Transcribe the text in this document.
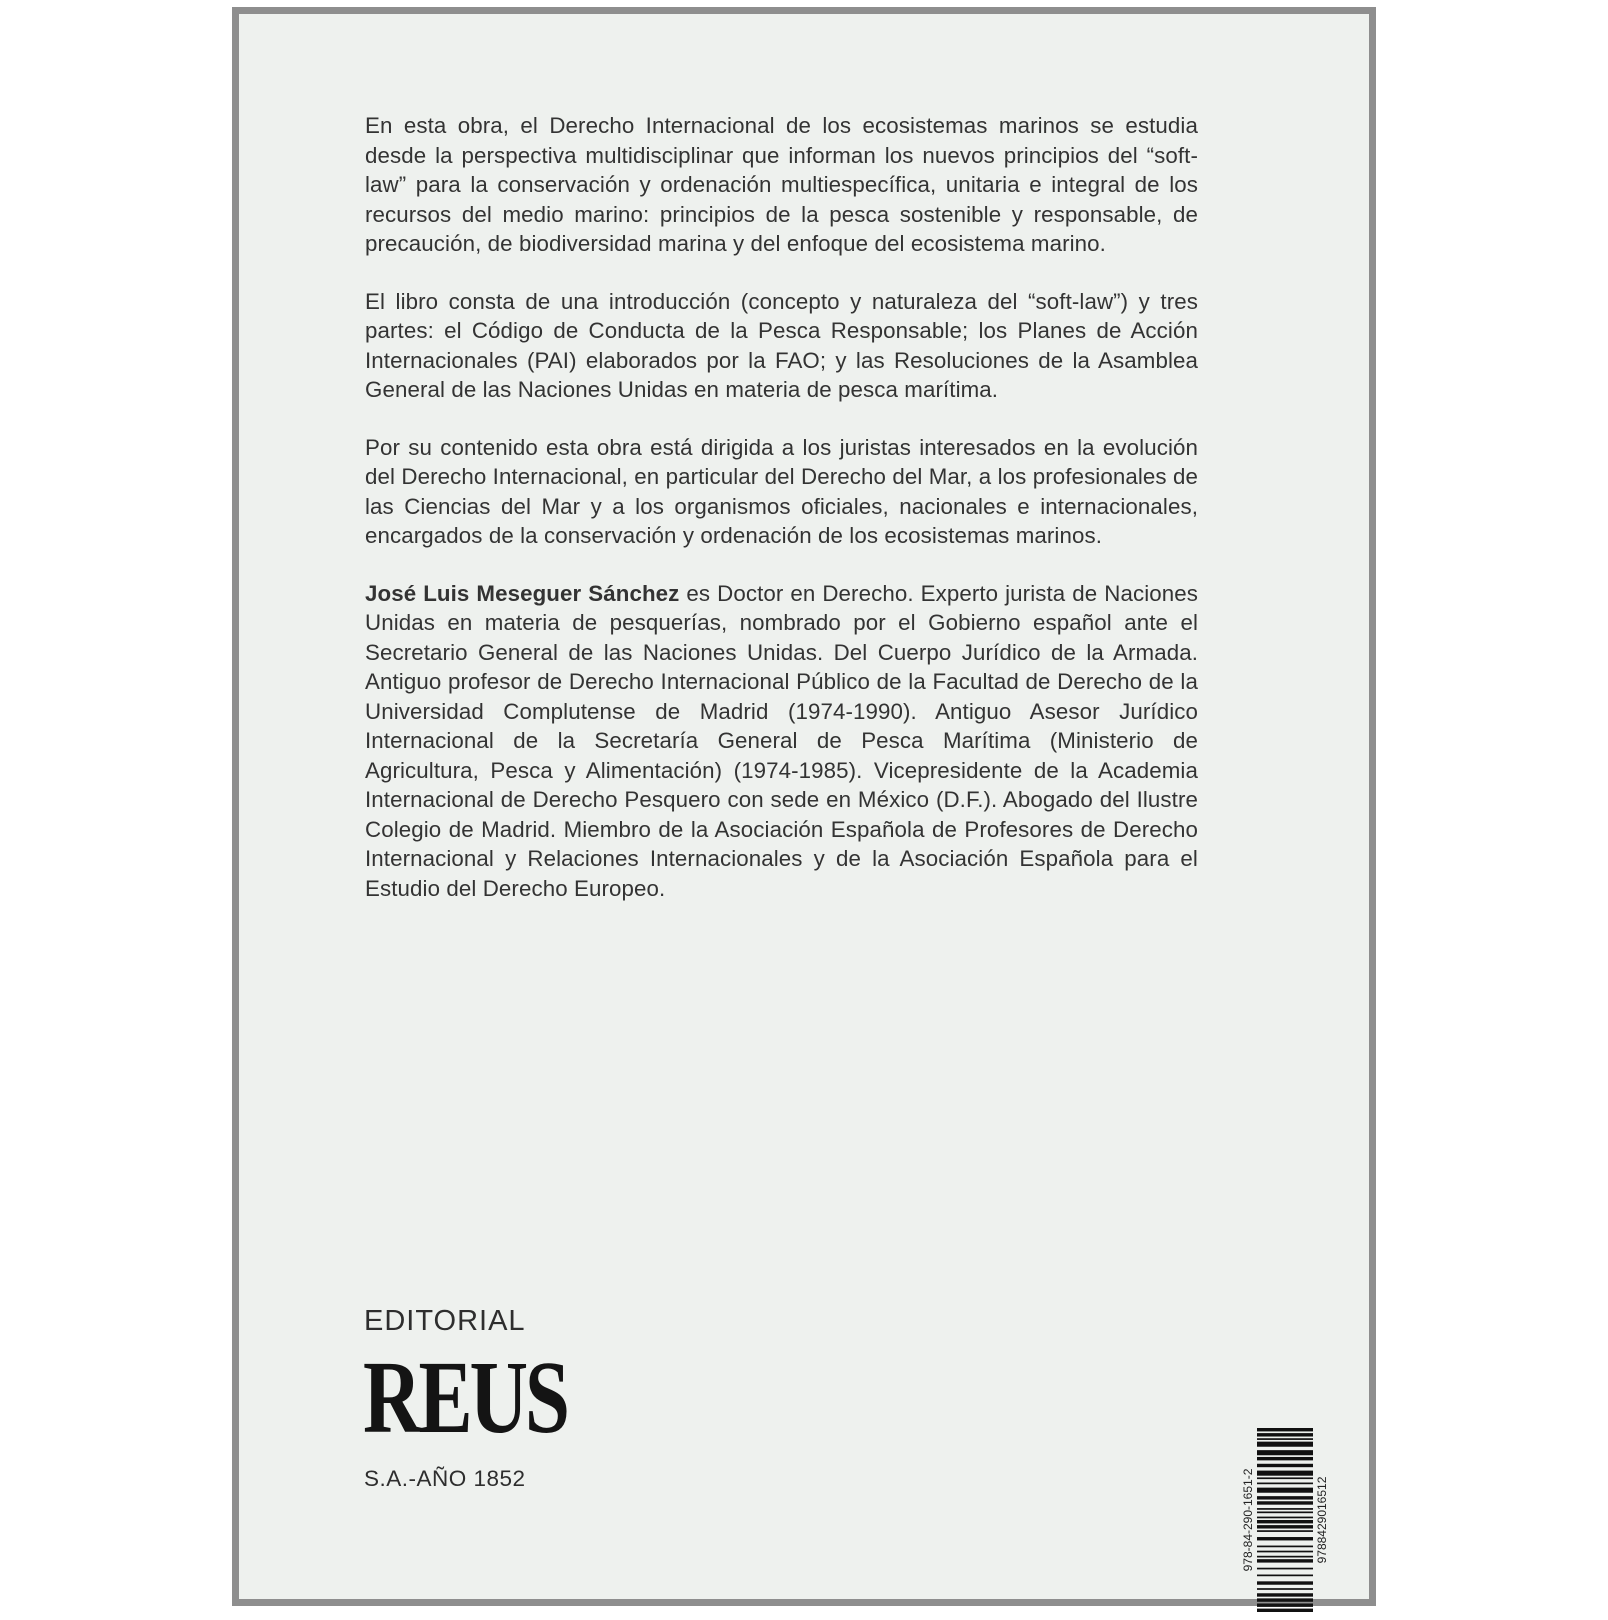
En esta obra, el Derecho Internacional de los ecosistemas marinos se estudia desde la perspectiva multidisciplinar que informan los nuevos principios del “soft-law” para la conservación y ordenación multiespecífica, unitaria e integral de los recursos del medio marino: principios de la pesca sostenible y responsable, de precaución, de biodiversidad marina y del enfoque del ecosistema marino.

El libro consta de una introducción (concepto y naturaleza del “soft-law”) y tres partes: el Código de Conducta de la Pesca Responsable; los Planes de Acción Internacionales (PAI) elaborados por la FAO; y las Resoluciones de la Asamblea General de las Naciones Unidas en materia de pesca marítima.

Por su contenido esta obra está dirigida a los juristas interesados en la evolución del Derecho Internacional, en particular del Derecho del Mar, a los profesionales de las Ciencias del Mar y a los organismos oficiales, nacionales e internacionales, encargados de la conservación y ordenación de los ecosistemas marinos.

José Luis Meseguer Sánchez es Doctor en Derecho. Experto jurista de Naciones Unidas en materia de pesquerías, nombrado por el Gobierno español ante el Secretario General de las Naciones Unidas. Del Cuerpo Jurídico de la Armada. Antiguo profesor de Derecho Internacional Público de la Facultad de Derecho de la Universidad Complutense de Madrid (1974-1990). Antiguo Asesor Jurídico Internacional de la Secretaría General de Pesca Marítima (Ministerio de Agricultura, Pesca y Alimentación) (1974-1985). Vicepresidente de la Academia Internacional de Derecho Pesquero con sede en México (D.F.). Abogado del Ilustre Colegio de Madrid. Miembro de la Asociación Española de Profesores de Derecho Internacional y Relaciones Internacionales y de la Asociación Española para el Estudio del Derecho Europeo.

EDITORIAL
REUS
S.A.-AÑO 1852	978-84-290-1651-2	9788429016512
